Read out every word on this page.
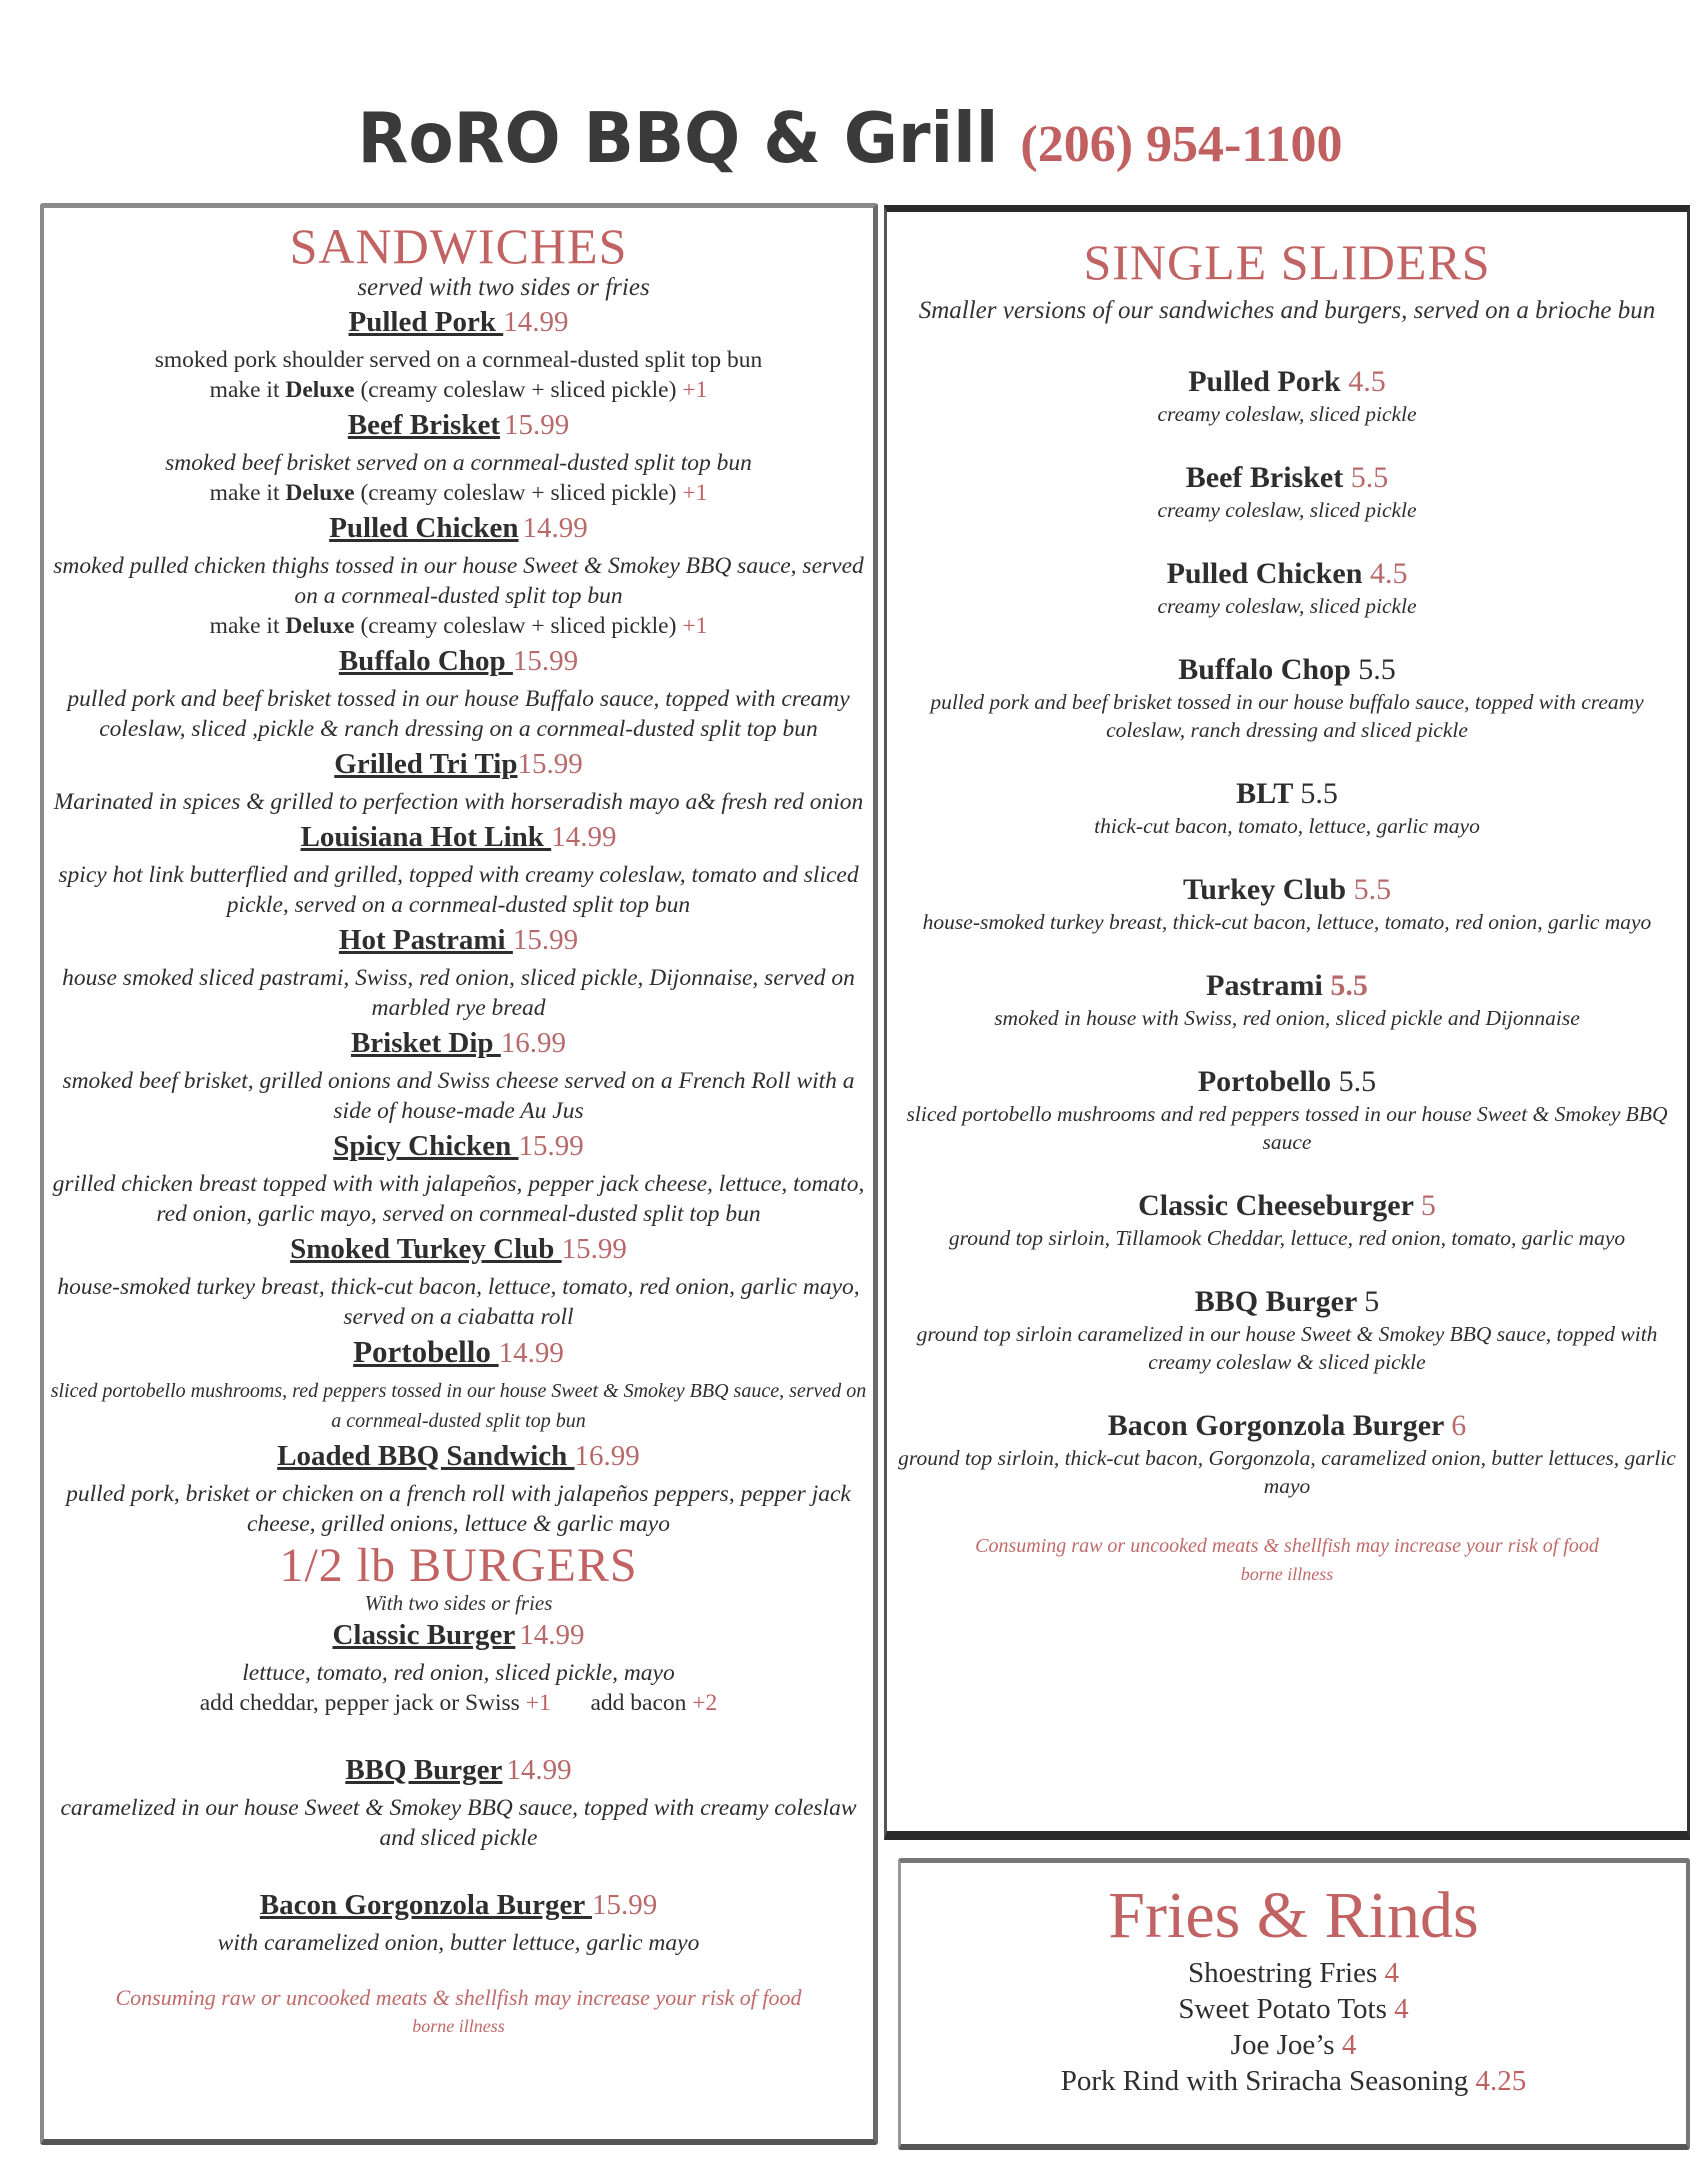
RoRO BBQ & Grill (206) 954-1100
SANDWICHES
served with two sides or fries
Pulled Pork 14.99
smoked pork shoulder served on a cornmeal-dusted split top bun
make it Deluxe (creamy coleslaw + sliced pickle) +1
Beef Brisket 15.99
smoked beef brisket served on a cornmeal-dusted split top bun
make it Deluxe (creamy coleslaw + sliced pickle) +1
Pulled Chicken 14.99
smoked pulled chicken thighs tossed in our house Sweet & Smokey BBQ sauce, served on a cornmeal-dusted split top bun
make it Deluxe (creamy coleslaw + sliced pickle) +1
Buffalo Chop 15.99
pulled pork and beef brisket tossed in our house Buffalo sauce, topped with creamy coleslaw, sliced ,pickle & ranch dressing on a cornmeal-dusted split top bun
Grilled Tri Tip15.99
Marinated in spices & grilled to perfection with horseradish mayo a& fresh red onion
Louisiana Hot Link 14.99
spicy hot link butterflied and grilled, topped with creamy coleslaw, tomato and sliced pickle, served on a cornmeal-dusted split top bun
Hot Pastrami 15.99
house smoked sliced pastrami, Swiss, red onion, sliced pickle, Dijonnaise, served on marbled rye bread
Brisket Dip 16.99
smoked beef brisket, grilled onions and Swiss cheese served on a French Roll with a side of house-made Au Jus
Spicy Chicken 15.99
grilled chicken breast topped with with jalapeños, pepper jack cheese, lettuce, tomato, red onion, garlic mayo, served on cornmeal-dusted split top bun
Smoked Turkey Club 15.99
house-smoked turkey breast, thick-cut bacon, lettuce, tomato, red onion, garlic mayo, served on a ciabatta roll
Portobello 14.99
sliced portobello mushrooms, red peppers tossed in our house Sweet & Smokey BBQ sauce, served on a cornmeal-dusted split top bun
Loaded BBQ Sandwich 16.99
pulled pork, brisket or chicken on a french roll with jalapeños peppers, pepper jack cheese, grilled onions, lettuce & garlic mayo
1/2 lb BURGERS
With two sides or fries
Classic Burger 14.99
lettuce, tomato, red onion, sliced pickle, mayo
add cheddar, pepper jack or Swiss +1 add bacon +2
BBQ Burger 14.99
caramelized in our house Sweet & Smokey BBQ sauce, topped with creamy coleslaw and sliced pickle
Bacon Gorgonzola Burger 15.99
with caramelized onion, butter lettuce, garlic mayo
Consuming raw or uncooked meats & shellfish may increase your risk of food
borne illness
SINGLE SLIDERS
Smaller versions of our sandwiches and burgers, served on a brioche bun
Pulled Pork 4.5
creamy coleslaw, sliced pickle
Beef Brisket 5.5
creamy coleslaw, sliced pickle
Pulled Chicken 4.5
creamy coleslaw, sliced pickle
Buffalo Chop 5.5
pulled pork and beef brisket tossed in our house buffalo sauce, topped with creamy coleslaw, ranch dressing and sliced pickle
BLT 5.5
thick-cut bacon, tomato, lettuce, garlic mayo
Turkey Club 5.5
house-smoked turkey breast, thick-cut bacon, lettuce, tomato, red onion, garlic mayo
Pastrami 5.5
smoked in house with Swiss, red onion, sliced pickle and Dijonnaise
Portobello 5.5
sliced portobello mushrooms and red peppers tossed in our house Sweet & Smokey BBQ sauce
Classic Cheeseburger 5
ground top sirloin, Tillamook Cheddar, lettuce, red onion, tomato, garlic mayo
BBQ Burger 5
ground top sirloin caramelized in our house Sweet & Smokey BBQ sauce, topped with creamy coleslaw & sliced pickle
Bacon Gorgonzola Burger 6
ground top sirloin, thick-cut bacon, Gorgonzola, caramelized onion, butter lettuces, garlic mayo
Consuming raw or uncooked meats & shellfish may increase your risk of food
borne illness
Fries & Rinds
Shoestring Fries 4
Sweet Potato Tots 4
Joe Joe’s 4
Pork Rind with Sriracha Seasoning 4.25
